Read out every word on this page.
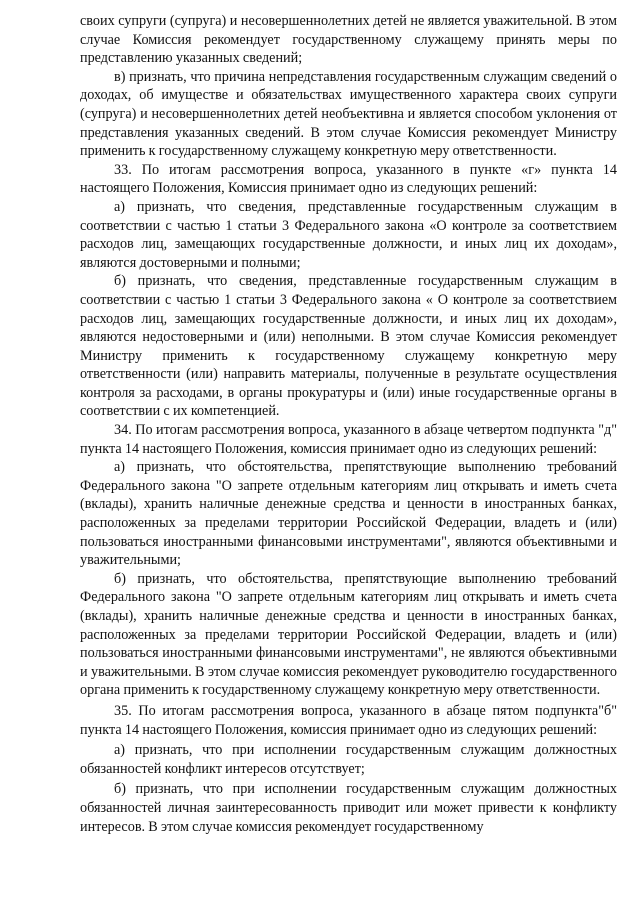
своих супруги (супруга) и несовершеннолетних детей не является уважительной. В этом случае Комиссия рекомендует государственному служащему принять меры по представлению указанных сведений;

в) признать, что причина непредставления государственным служащим сведений о доходах, об имуществе и обязательствах имущественного характера своих супруги (супруга) и несовершеннолетних детей необъективна и является способом уклонения от представления указанных сведений. В этом случае Комиссия рекомендует Министру применить к государственному служащему конкретную меру ответственности.

33. По итогам рассмотрения вопроса, указанного в пункте «г» пункта 14 настоящего Положения, Комиссия принимает одно из следующих решений:

а) признать, что сведения, представленные государственным служащим в соответствии с частью 1 статьи 3 Федерального закона «О контроле за соответствием расходов лиц, замещающих государственные должности, и иных лиц их доходам», являются достоверными и полными;

б) признать, что сведения, представленные государственным служащим в соответствии с частью 1 статьи 3 Федерального закона « О контроле за соответствием расходов лиц, замещающих государственные должности, и иных лиц их доходам», являются недостоверными и (или) неполными. В этом случае Комиссия рекомендует Министру применить к государственному служащему конкретную меру ответственности (или) направить материалы, полученные в результате осуществления контроля за расходами, в органы прокуратуры и (или) иные государственные органы в соответствии с их компетенцией.

34. По итогам рассмотрения вопроса, указанного в абзаце четвертом подпункта "д" пункта 14 настоящего Положения, комиссия принимает одно из следующих решений:

а) признать, что обстоятельства, препятствующие выполнению требований Федерального закона "О запрете отдельным категориям лиц открывать и иметь счета (вклады), хранить наличные денежные средства и ценности в иностранных банках, расположенных за пределами территории Российской Федерации, владеть и (или) пользоваться иностранными финансовыми инструментами", являются объективными и уважительными;

б) признать, что обстоятельства, препятствующие выполнению требований Федерального закона "О запрете отдельным категориям лиц открывать и иметь счета (вклады), хранить наличные денежные средства и ценности в иностранных банках, расположенных за пределами территории Российской Федерации, владеть и (или) пользоваться иностранными финансовыми инструментами", не являются объективными и уважительными. В этом случае комиссия рекомендует руководителю государственного органа применить к государственному служащему конкретную меру ответственности.

35. По итогам рассмотрения вопроса, указанного в абзаце пятом подпункта"б" пункта 14 настоящего Положения, комиссия принимает одно из следующих решений:

а) признать, что при исполнении государственным служащим должностных обязанностей конфликт интересов отсутствует;

б) признать, что при исполнении государственным служащим должностных обязанностей личная заинтересованность приводит или может привести к конфликту интересов. В этом случае комиссия рекомендует государственному
